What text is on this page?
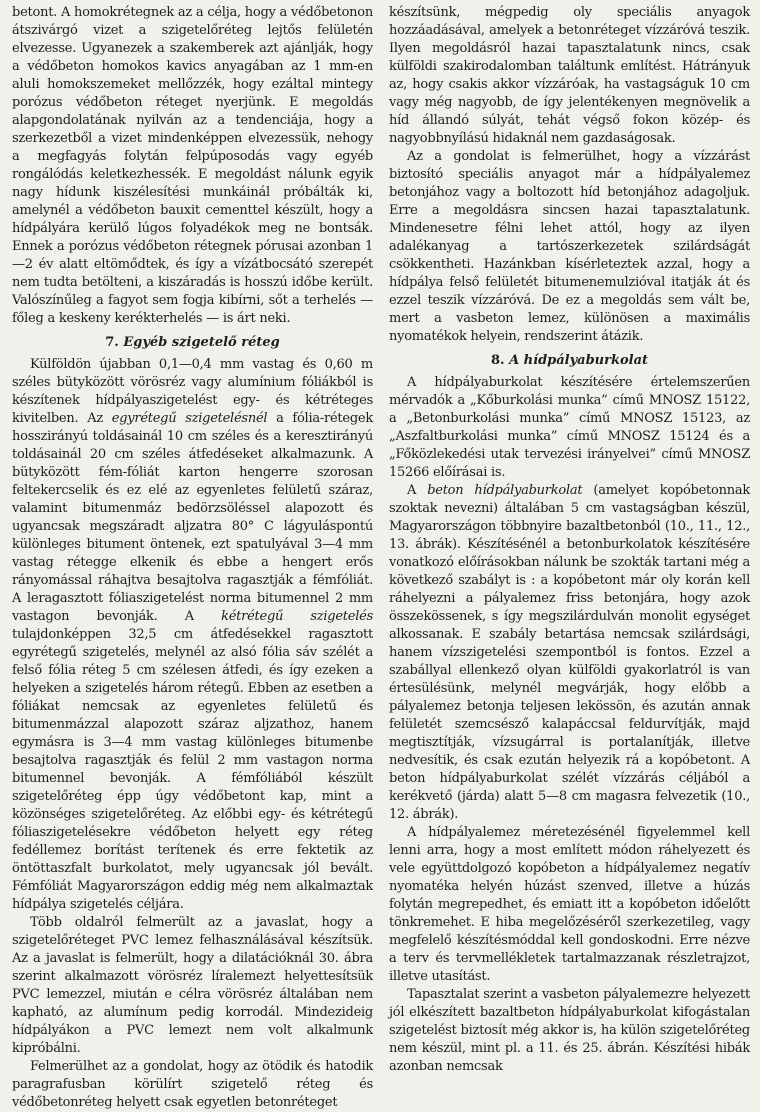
betont. A homokrétegnek az a célja, hogy a védőbetonon átszivárgó vizet a szigetelőréteg lejtős felületén elvezesse. Ugyanezek a szakemberek azt ajánlják, hogy a védőbeton homokos kavics anyagában az 1 mm-en aluli homokszemeket mellőzzék, hogy ezáltal mintegy porózus védőbeton réteget nyerjünk. E megoldás alapgondolatának nyilván az a tendenciája, hogy a szerkezetből a vizet mindenképpen elvezessük, nehogy a megfagyás folytán felpúposodás vagy egyéb rongálódás keletkezhessék. E megoldást nálunk egyik nagy hídunk kiszélesítési munkáinál próbálták ki, amelynél a védőbeton bauxit cementtel készült, hogy a hídpályára kerülő lúgos folyadékok meg ne bontsák. Ennek a porózus védőbeton rétegnek pórusai azonban 1—2 év alatt eltömődtek, és így a vízátbocsátó szerepét nem tudta betölteni, a kiszáradás is hosszú időbe került. Valószínűleg a fagyot sem fogja kibírni, sőt a terhelés — főleg a keskeny kerékterhelés — is árt neki.

7. Egyéb szigetelő réteg

Külföldön újabban 0,1—0,4 mm vastag és 0,60 m széles bütyközött vörösréz vagy alumínium fóliákból is készítenek hídpályaszigetelést egy- és kétréteges kivitelben. Az egyrétegű szigetelésnél a fólia-rétegek hosszirányú toldásainál 10 cm széles és a keresztirányú toldásainál 20 cm széles átfedéseket alkalmazunk. A bütyközött fém-fóliát karton hengerre szorosan feltekercselik és ez elé az egyenletes felületű száraz, valamint bitumenmáz bedörzsöléssel alapozott és ugyancsak megszáradt aljzatra 80° C lágyuláspontú különleges bitument öntenek, ezt spatulyával 3—4 mm vastag rétegge elkenik és ebbe a hengert erős rányomással ráhajtva besajtolva ragasztják a fémfóliát. A leragasztott fóliaszigetelést norma bitumennel 2 mm vastagon bevonják. A kétrétegű szigetelés tulajdonképpen 32,5 cm átfedésekkel ragasztott egyrétegű szigetelés, melynél az alsó fólia sáv szélét a felső fólia réteg 5 cm szélesen átfedi, és így ezeken a helyeken a szigetelés három rétegű. Ebben az esetben a fóliákat nemcsak az egyenletes felületű és bitumenmázzal alapozott száraz aljzathoz, hanem egymásra is 3—4 mm vastag különleges bitumenbe besajtolva ragasztják és felül 2 mm vastagon norma bitumennel bevonják. A fémfóliából készült szigetelőréteg épp úgy védőbetont kap, mint a közönséges szigetelőréteg. Az előbbi egy- és kétrétegű fóliaszigetelésekre védőbeton helyett egy réteg fedéllemez borítást terítenek és erre fektetik az öntöttaszfalt burkolatot, mely ugyancsak jól bevált. Fémfóliát Magyarországon eddig még nem alkalmaztak hídpálya szigetelés céljára.

Több oldalról felmerült az a javaslat, hogy a szigetelőréteget PVC lemez felhasználásával készítsük. Az a javaslat is felmerült, hogy a dilatációknál 30. ábra szerint alkalmazott vörösréz líralemezt helyettesítsük PVC lemezzel, miután e célra vörösréz általában nem kapható, az alumínum pedig korrodál. Mindezideig hídpályákon a PVC lemezt nem volt alkalmunk kipróbálni.

Felmerülhet az a gondolat, hogy az ötödik és hatodik paragrafusban körülírt szigetelő réteg és védőbetonréteg helyett csak egyetlen betonréteget

készítsünk, mégpedig oly speciális anyagok hozzáadásával, amelyek a betonréteget vízzáróvá teszik. Ilyen megoldásról hazai tapasztalatunk nincs, csak külföldi szakirodalomban találtunk említést. Hátrányuk az, hogy csakis akkor vízzáróak, ha vastagságuk 10 cm vagy még nagyobb, de így jelentékenyen megnövelik a híd állandó súlyát, tehát végső fokon közép- és nagyobbnyílású hidaknál nem gazdaságosak.

Az a gondolat is felmerülhet, hogy a vízzárást biztosító speciális anyagot már a hídpályalemez betonjához vagy a boltozott híd betonjához adagoljuk. Erre a megoldásra sincsen hazai tapasztalatunk. Mindenesetre félni lehet attól, hogy az ilyen adalékanyag a tartószerkezetek szilárdságát csökkentheti. Hazánkban kísérleteztek azzal, hogy a hídpálya felső felületét bitumenemulzióval itatják át és ezzel teszik vízzáróvá. De ez a megoldás sem vált be, mert a vasbeton lemez, különösen a maximális nyomatékok helyein, rendszerint átázik.

8. A hídpályaburkolat

A hídpályaburkolat készítésére értelemszerűen mérvadók a „Kőburkolási munka” című MNOSZ 15122, a „Betonburkolási munka” című MNOSZ 15123, az „Aszfaltburkolási munka” című MNOSZ 15124 és a „Főközlekedési utak tervezési irányelvei” című MNOSZ 15266 előírásai is.

A beton hídpályaburkolat (amelyet kopóbetonnak szoktak nevezni) általában 5 cm vastagságban készül, Magyarországon többnyire bazaltbetonból (10., 11., 12., 13. ábrák). Készítésénél a betonburkolatok készítésére vonatkozó előírásokban nálunk be szokták tartani még a következő szabályt is : a kopóbetont már oly korán kell ráhelyezni a pályalemez friss betonjára, hogy azok összekössenek, s így megszilárdulván monolit egységet alkossanak. E szabály betartása nemcsak szilárdsági, hanem vízszigetelési szempontból is fontos. Ezzel a szabállyal ellenkező olyan külföldi gyakorlatról is van értesülésünk, melynél megvárják, hogy előbb a pályalemez betonja teljesen lekössön, és azután annak felületét szemcsésző kalapáccsal feldurvítják, majd megtisztítják, vízsugárral is portalanítják, illetve nedvesítik, és csak ezután helyezik rá a kopóbetont. A beton hídpályaburkolat szélét vízzárás céljából a kerékvető (járda) alatt 5—8 cm magasra felvezetik (10., 12. ábrák).

A hídpályalemez méretezésénél figyelemmel kell lenni arra, hogy a most említett módon ráhelyezett és vele együttdolgozó kopóbeton a hídpályalemez negatív nyomatéka helyén húzást szenved, illetve a húzás folytán megrepedhet, és emiatt itt a kopóbeton időelőtt tönkremehet. E hiba megelőzéséről szerkezetileg, vagy megfelelő készítésmóddal kell gondoskodni. Erre nézve a terv és tervmellékletek tartalmazzanak részletrajzot, illetve utasítást.

Tapasztalat szerint a vasbeton pályalemezre helyezett jól elkészített bazaltbeton hídpályaburkolat kifogástalan szigetelést biztosít még akkor is, ha külön szigetelőréteg nem készül, mint pl. a 11. és 25. ábrán. Készítési hibák azonban nemcsak
